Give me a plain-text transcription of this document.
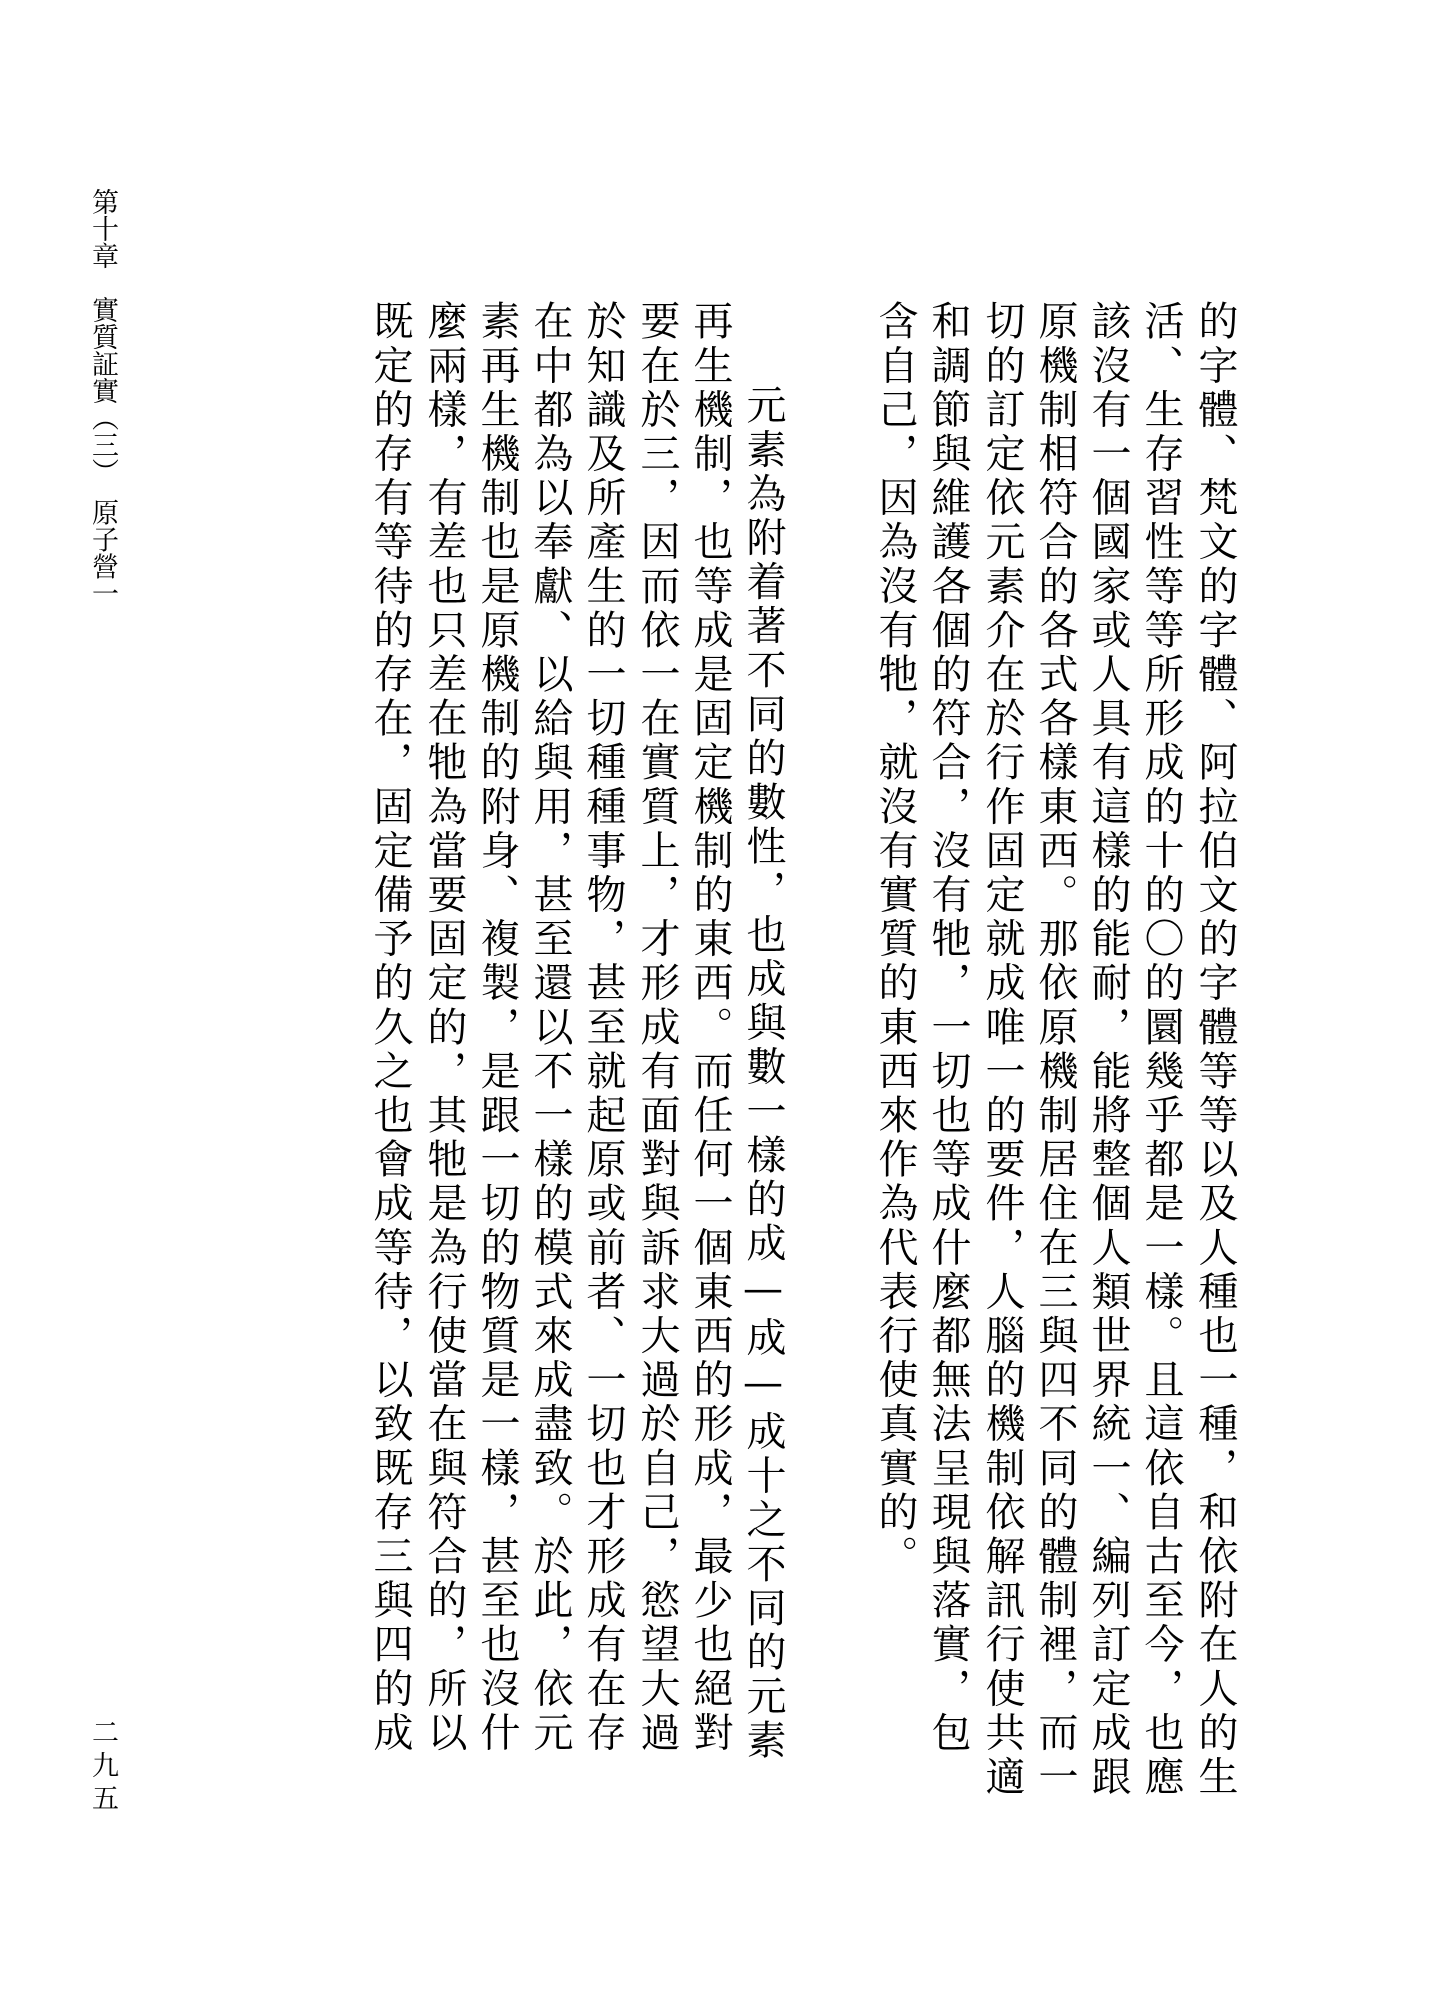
的字體、梵文的字體、阿拉伯文的字體等等以及人種也一種，和依附在人的生
活、生存習性等等所形成的十的〇的圜幾乎都是一樣。且這依自古至今，也應
該沒有一個國家或人具有這樣的能耐，能將整個人類世界統一、編列訂定成跟
原機制相符合的各式各樣東西。那依原機制居住在三與四不同的體制裡，而一
切的訂定依元素介在於行作固定就成唯一的要件，人腦的機制依解訊行使共適
和調節與維護各個的符合，沒有牠，一切也等成什麼都無法呈現與落實，包
含自己，因為沒有牠，就沒有實質的東西來作為代表行使真實的。
元素為附着著不同的數性，也成與數一樣的成—成—成十之不同的元素
再生機制，也等成是固定機制的東西。而任何一個東西的形成，最少也絕對
要在於三，因而依一在實質上，才形成有面對與訴求大過於自己，慾望大過
於知識及所產生的一切種種事物，甚至就起原或前者、一切也才形成有在存
在中都為以奉獻、以給與用，甚至還以不一樣的模式來成盡致。於此，依元
素再生機制也是原機制的附身、複製，是跟一切的物質是一樣，甚至也沒什
麼兩樣，有差也只差在牠為當要固定的，其牠是為行使當在與符合的，所以
既定的存有等待的存在，固定備予的久之也會成等待，以致既存三與四的成
第十章　實質証實（三）　原子營一
二九五
